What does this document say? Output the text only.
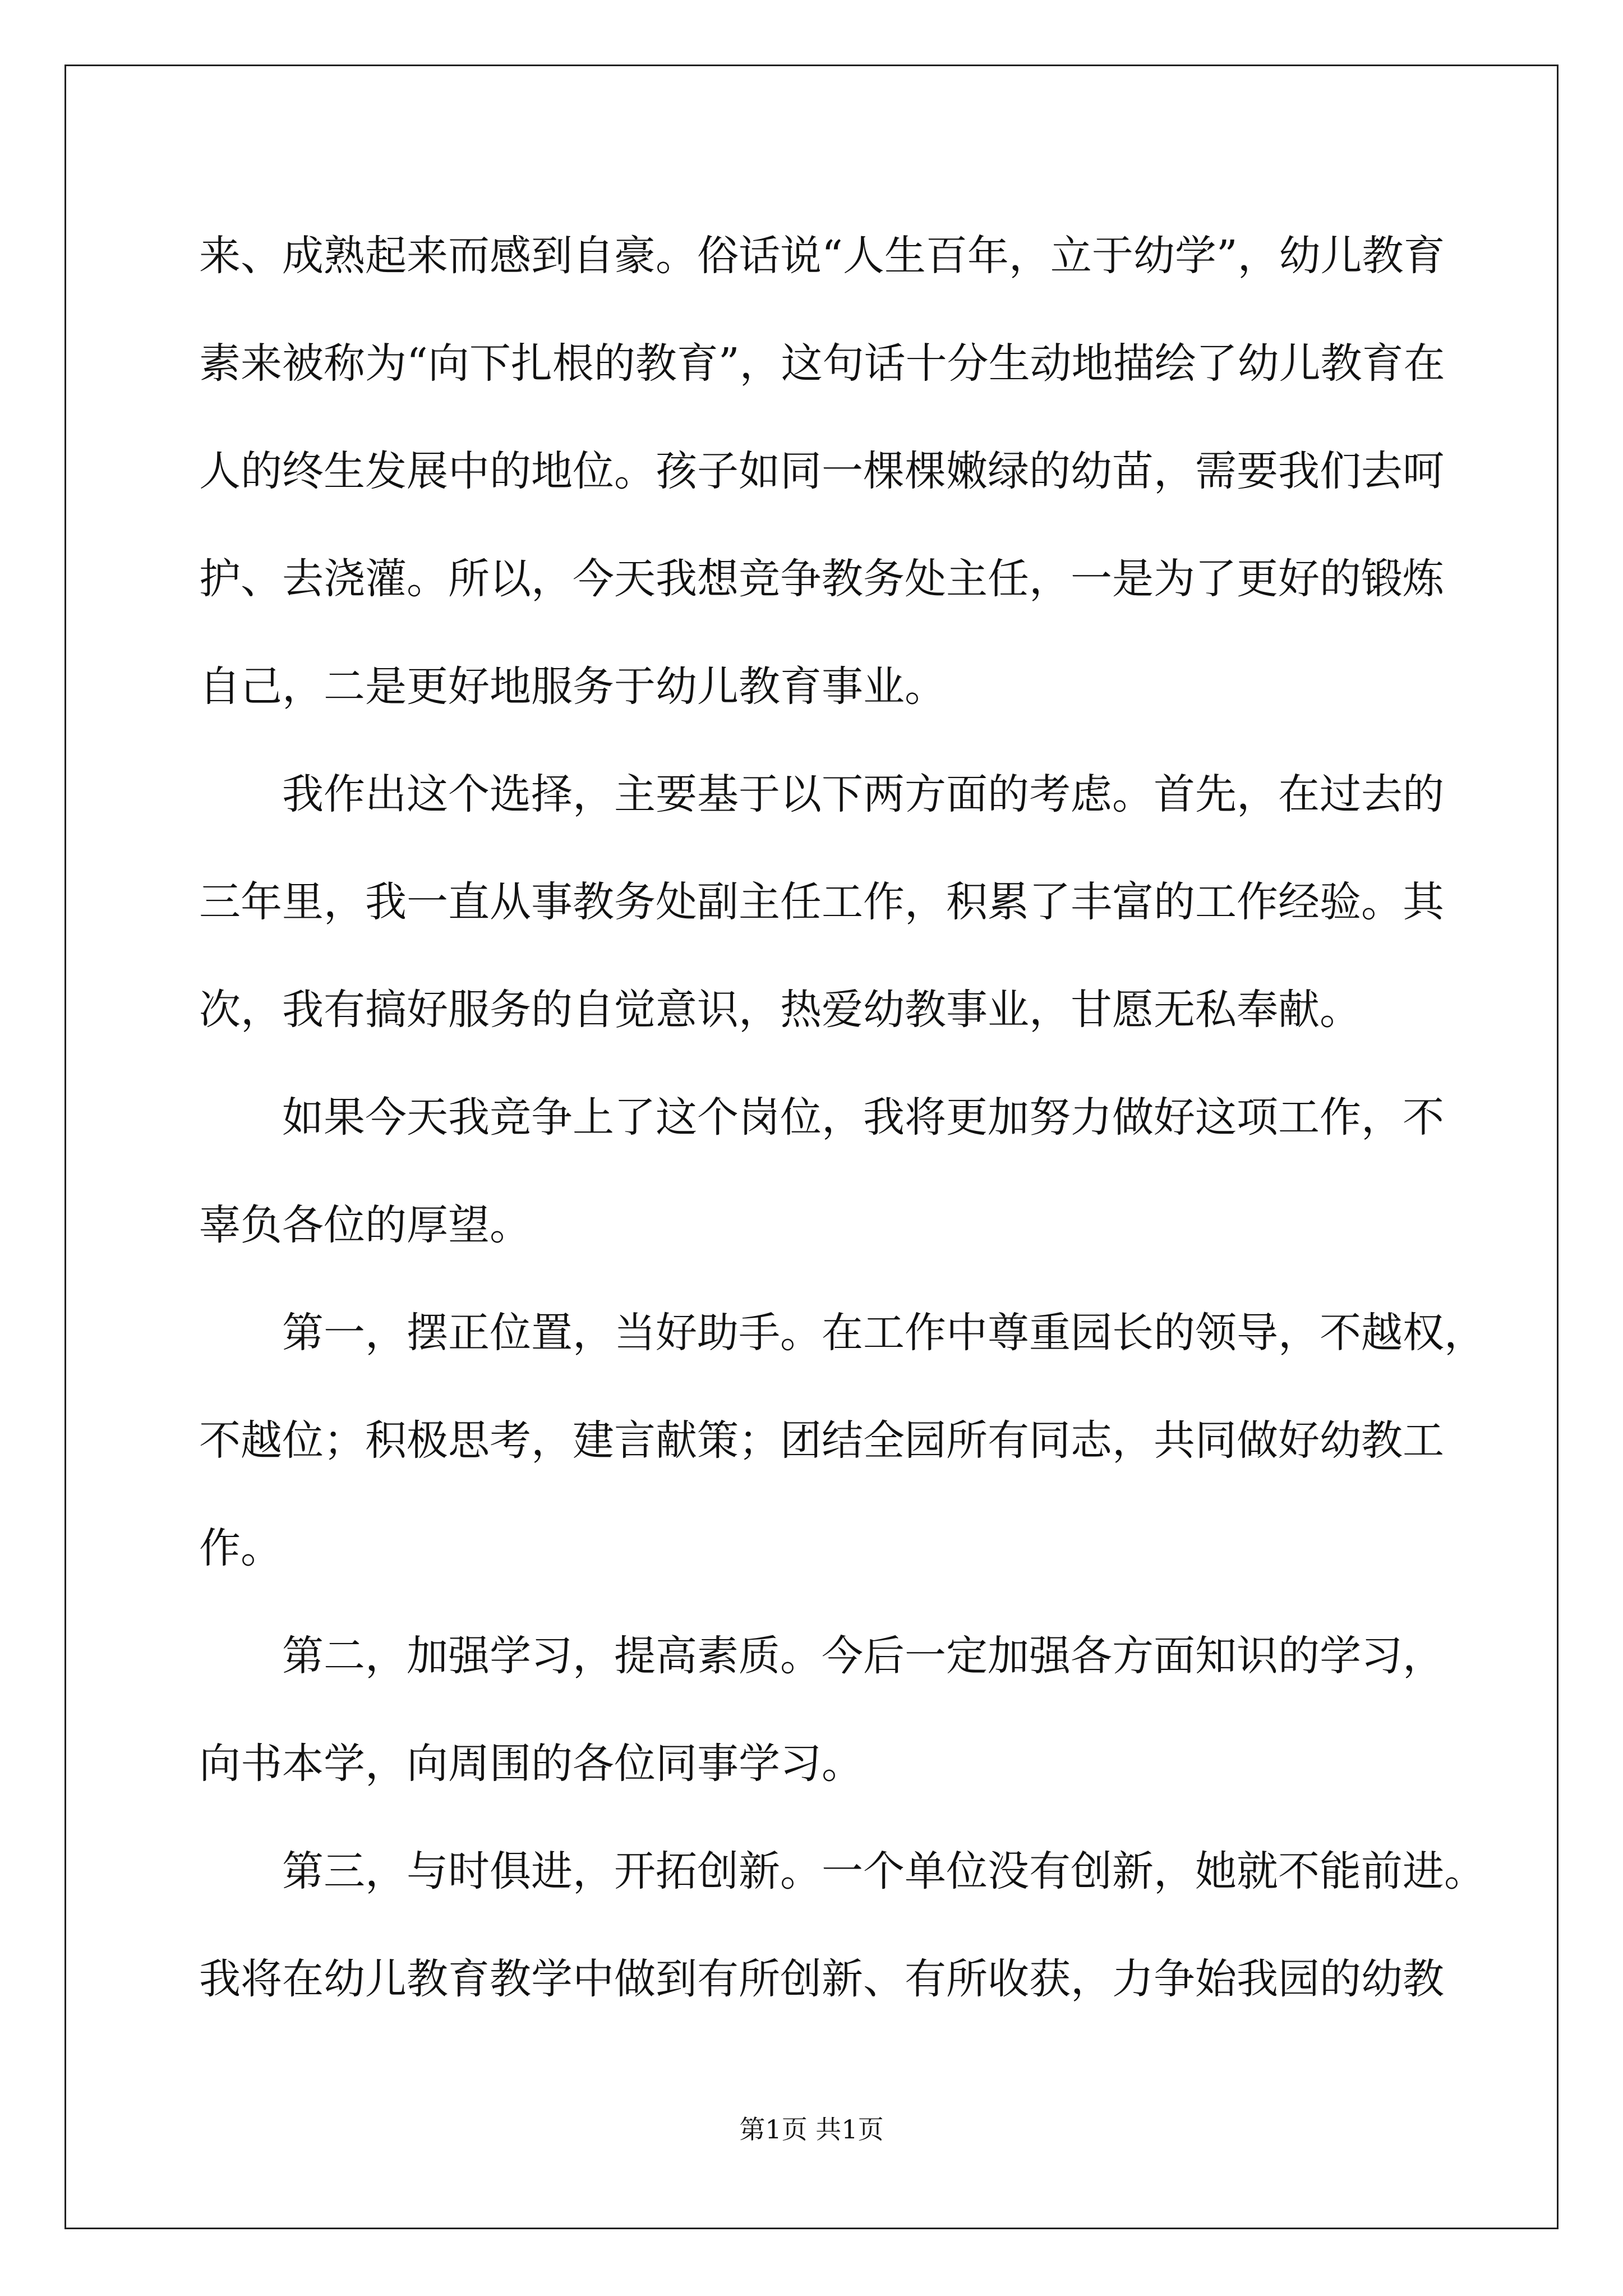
来、成熟起来而感到自豪。俗话说“人生百年，立于幼学”，幼儿教育
素来被称为“向下扎根的教育”，这句话十分生动地描绘了幼儿教育在
人的终生发展中的地位。孩子如同一棵棵嫩绿的幼苗，需要我们去呵
护、去浇灌。所以，今天我想竞争教务处主任，一是为了更好的锻炼
自己，二是更好地服务于幼儿教育事业。
我作出这个选择，主要基于以下两方面的考虑。首先，在过去的
三年里，我一直从事教务处副主任工作，积累了丰富的工作经验。其
次，我有搞好服务的自觉意识，热爱幼教事业，甘愿无私奉献。
如果今天我竞争上了这个岗位，我将更加努力做好这项工作，不
辜负各位的厚望。
第一，摆正位置，当好助手。在工作中尊重园长的领导，不越权，
不越位；积极思考，建言献策；团结全园所有同志，共同做好幼教工
作。
第二，加强学习，提高素质。今后一定加强各方面知识的学习，
向书本学，向周围的各位同事学习。
第三，与时俱进，开拓创新。一个单位没有创新，她就不能前进。
我将在幼儿教育教学中做到有所创新、有所收获，力争始我园的幼教
第1页 共1页
